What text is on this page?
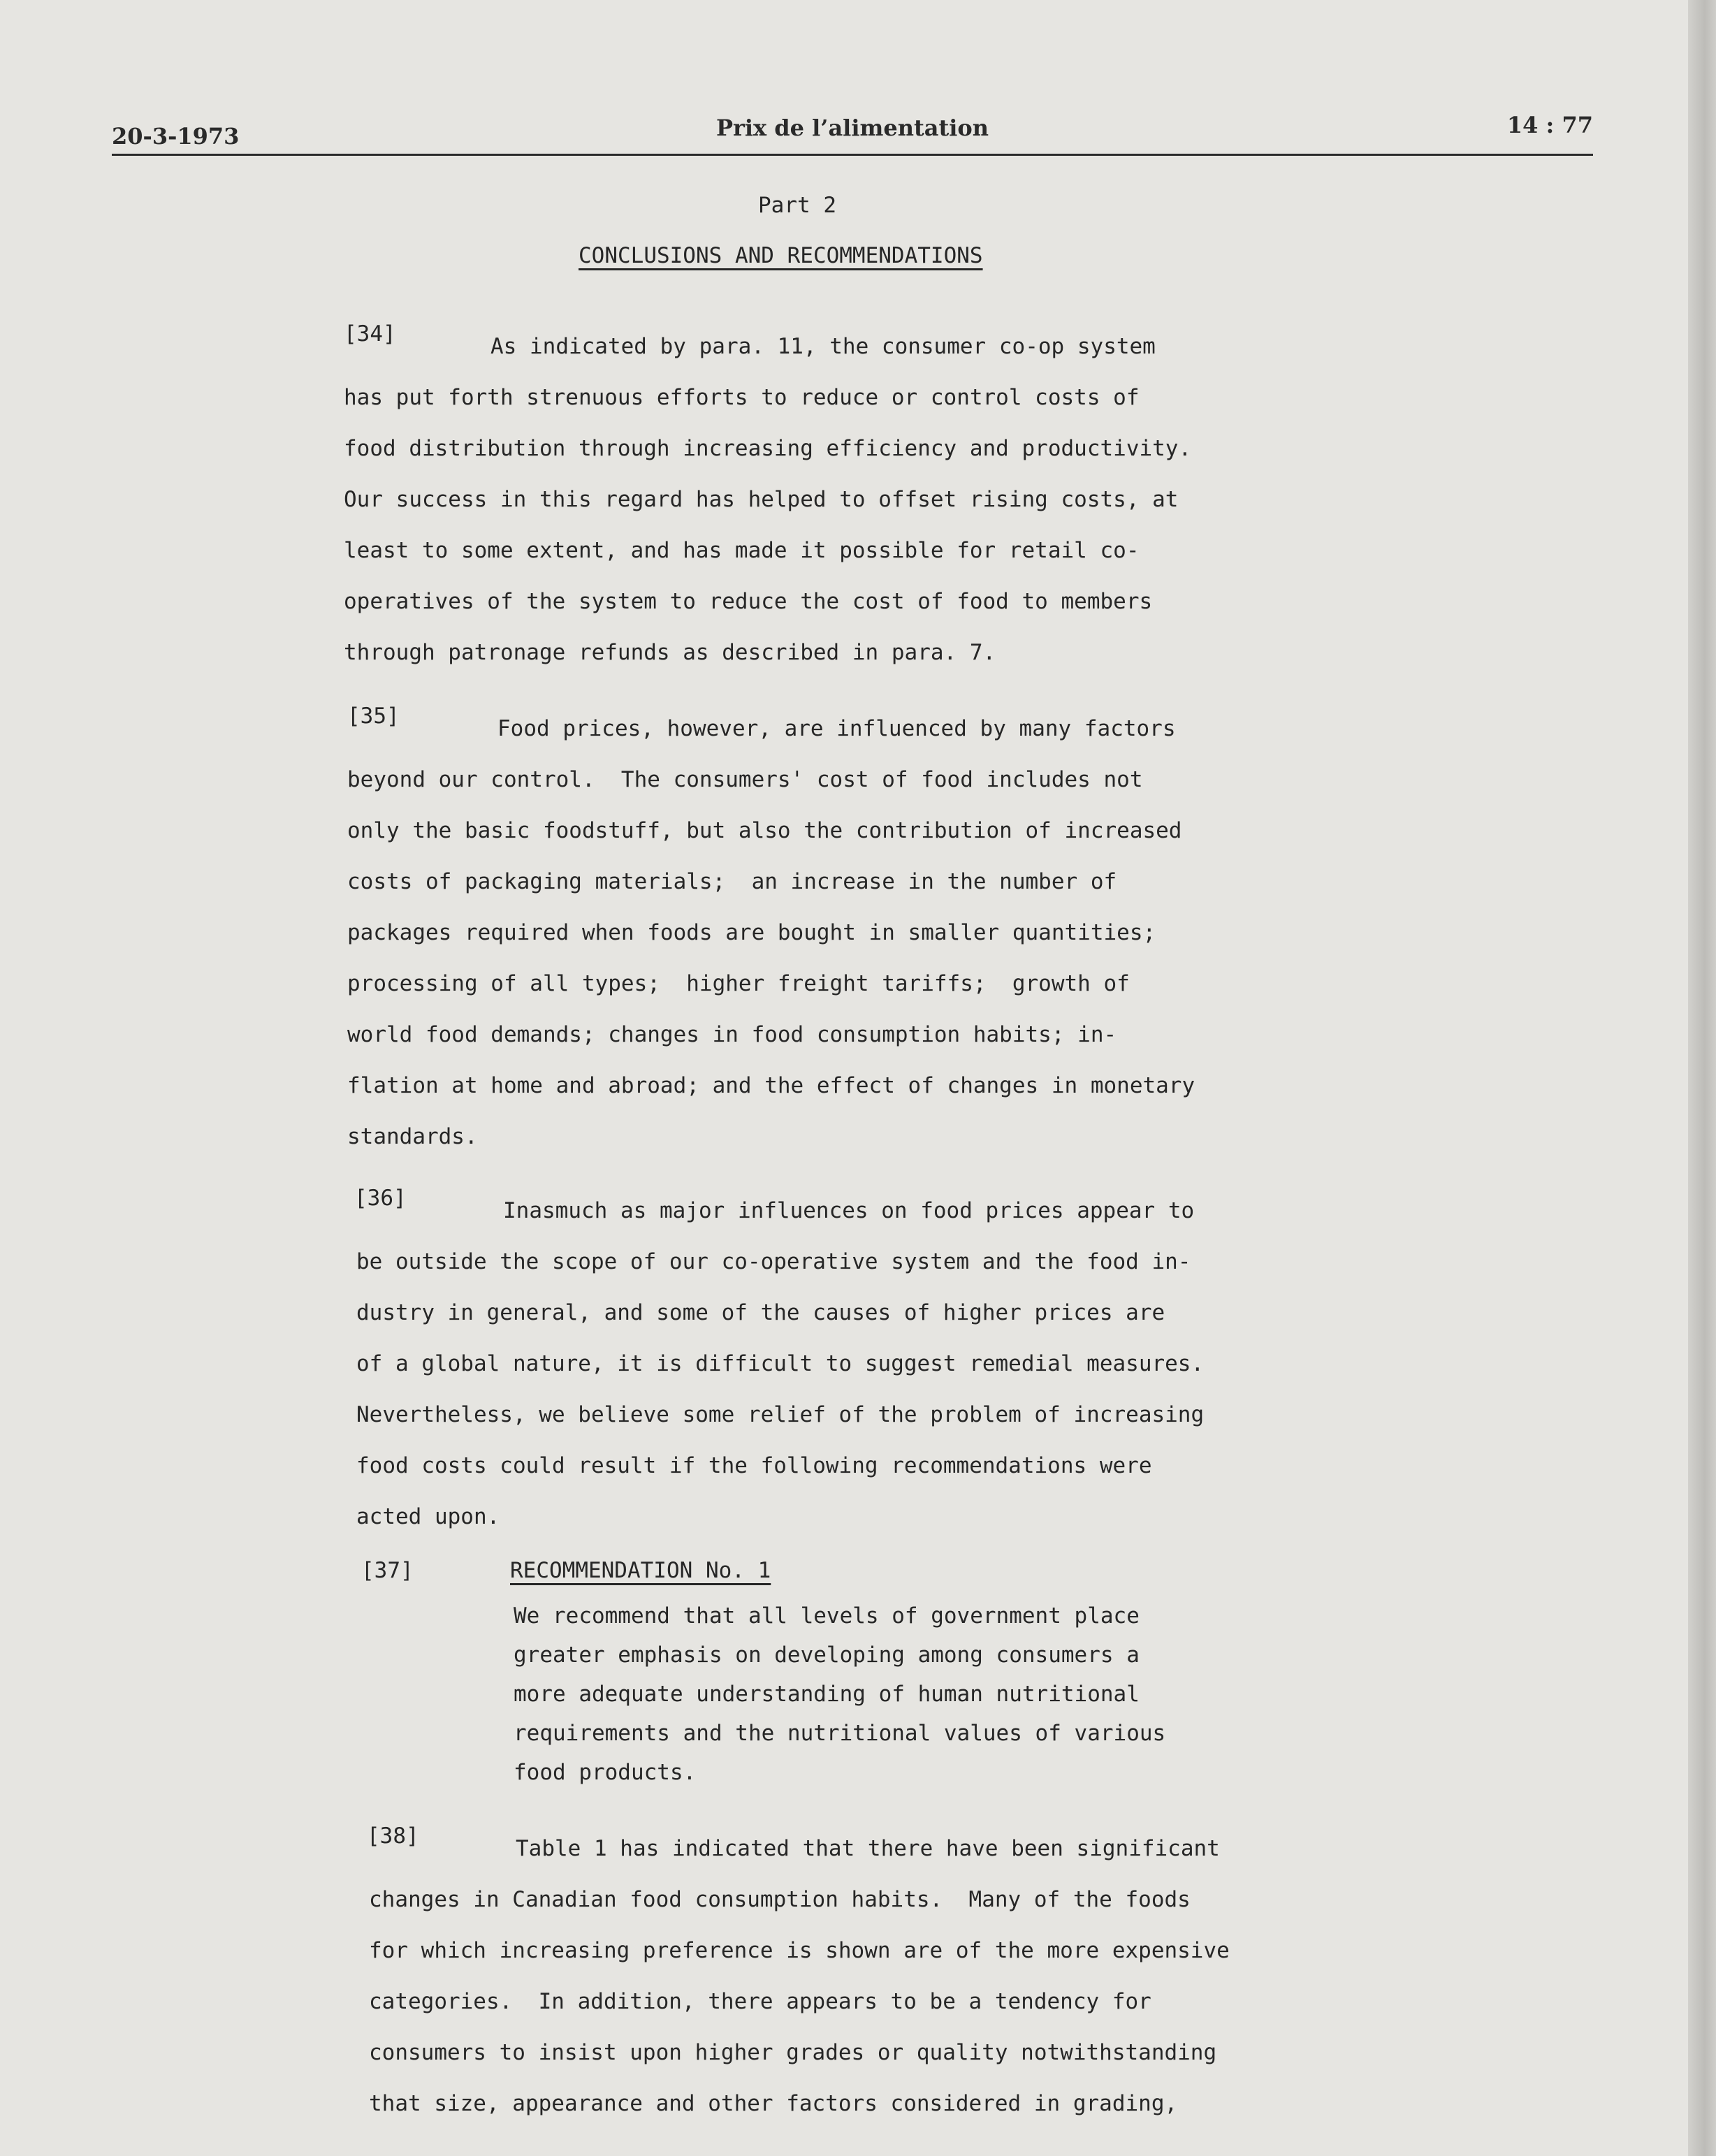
20-3-1973	Prix de l’alimentation	14 : 77
Part 2
CONCLUSIONS AND RECOMMENDATIONS
[34]	As indicated by para. 11, the consumer co-op system
has put forth strenuous efforts to reduce or control costs of
food distribution through increasing efficiency and productivity.
Our success in this regard has helped to offset rising costs, at
least to some extent, and has made it possible for retail co-
operatives of the system to reduce the cost of food to members
through patronage refunds as described in para. 7.
[35]	Food prices, however, are influenced by many factors
beyond our control.  The consumers' cost of food includes not
only the basic foodstuff, but also the contribution of increased
costs of packaging materials;  an increase in the number of
packages required when foods are bought in smaller quantities;
processing of all types;  higher freight tariffs;  growth of
world food demands; changes in food consumption habits; in-
flation at home and abroad; and the effect of changes in monetary
standards.
[36]	Inasmuch as major influences on food prices appear to
be outside the scope of our co-operative system and the food in-
dustry in general, and some of the causes of higher prices are
of a global nature, it is difficult to suggest remedial measures.
Nevertheless, we believe some relief of the problem of increasing
food costs could result if the following recommendations were
acted upon.
[37]	RECOMMENDATION No. 1
We recommend that all levels of government place
greater emphasis on developing among consumers a
more adequate understanding of human nutritional
requirements and the nutritional values of various
food products.
[38]	Table 1 has indicated that there have been significant
changes in Canadian food consumption habits.  Many of the foods
for which increasing preference is shown are of the more expensive
categories.  In addition, there appears to be a tendency for
consumers to insist upon higher grades or quality notwithstanding
that size, appearance and other factors considered in grading,
